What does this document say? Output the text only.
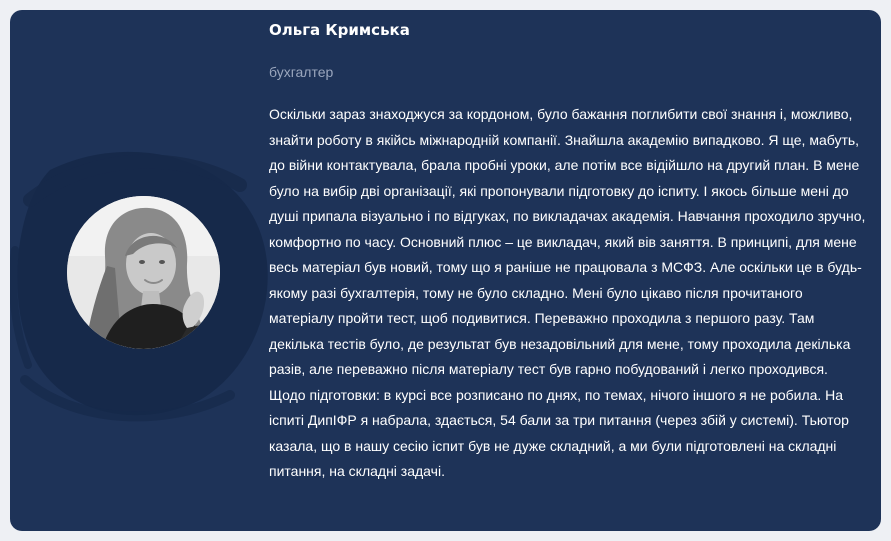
Ольга Кримська
бухгалтер

Оскільки зараз знаходжуся за кордоном, було бажання поглибити свої знання і, можливо, знайти роботу в якійсь міжнародній компанії. Знайшла академію випадково. Я ще, мабуть, до війни контактувала, брала пробні уроки, але потім все відійшло на другий план. В мене було на вибір дві організації, які пропонували підготовку до іспиту. І якось більше мені до душі припала візуально і по відгуках, по викладачах академія. Навчання проходило зручно, комфортно по часу. Основний плюс – це викладач, який вів заняття. В принципі, для мене весь матеріал був новий, тому що я раніше не працювала з МСФЗ. Але оскільки це в будь-якому разі бухгалтерія, тому не було складно. Мені було цікаво після прочитаного матеріалу пройти тест, щоб подивитися. Переважно проходила з першого разу. Там декілька тестів було, де результат був незадовільний для мене, тому проходила декілька разів, але переважно після матеріалу тест був гарно побудований і легко проходився.

Щодо підготовки: в курсі все розписано по днях, по темах, нічого іншого я не робила. На іспиті ДипІФР я набрала, здається, 54 бали за три питання (через збій у системі). Тьютор казала, що в нашу сесію іспит був не дуже складний, а ми були підготовлені на складні питання, на складні задачі.
